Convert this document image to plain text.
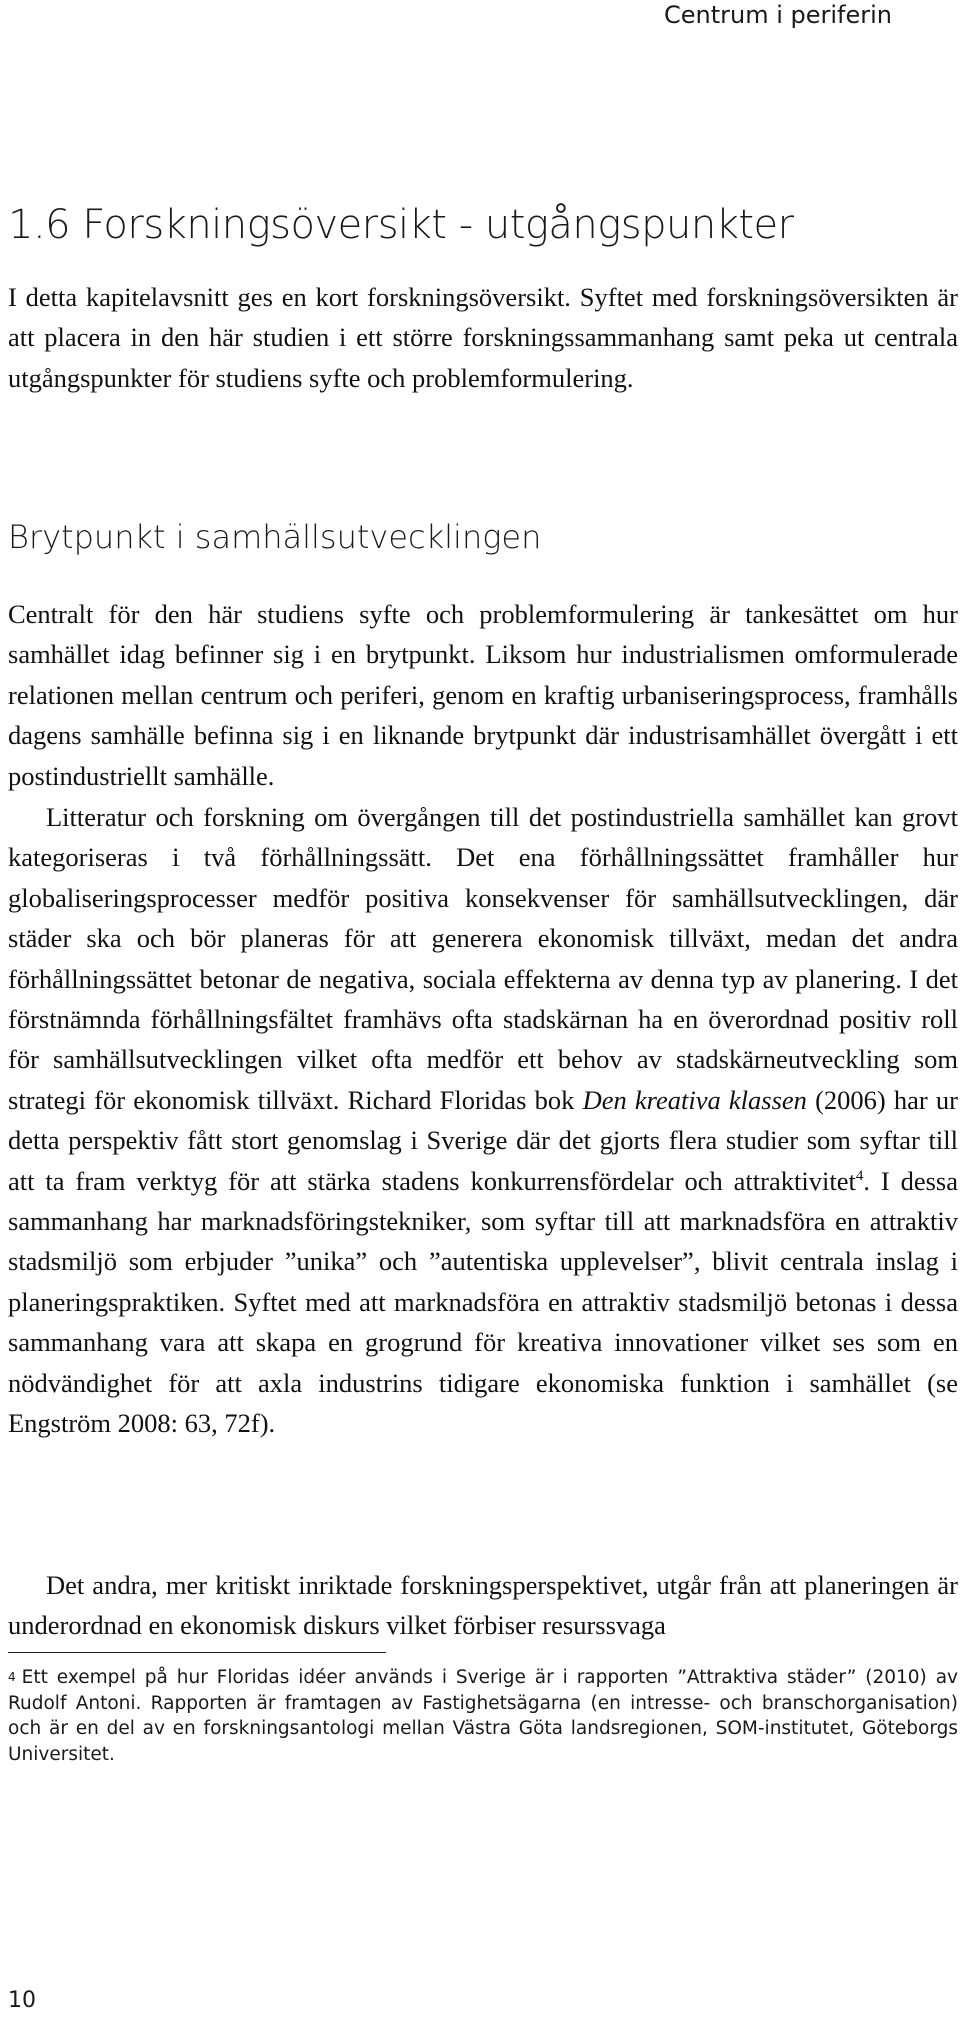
Centrum i periferin
1.6 Forskningsöversikt - utgångspunkter

I detta kapitelavsnitt ges en kort forskningsöversikt. Syftet med forskningsöversikten är att placera in den här studien i ett större forskningssammanhang samt peka ut centrala utgångspunkter för studiens syfte och problemformulering.

Brytpunkt i samhällsutvecklingen

Centralt för den här studiens syfte och problemformulering är tankesättet om hur samhället idag befinner sig i en brytpunkt. Liksom hur industrialismen omformulerade relationen mellan centrum och periferi, genom en kraftig urbaniseringsprocess, framhålls dagens samhälle befinna sig i en liknande brytpunkt där industrisamhället övergått i ett postindustriellt samhälle.

Litteratur och forskning om övergången till det postindustriella samhället kan grovt kategoriseras i två förhållningssätt. Det ena förhållningssättet framhåller hur globaliseringsprocesser medför positiva konsekvenser för samhällsutvecklingen, där städer ska och bör planeras för att generera ekonomisk tillväxt, medan det andra förhållningssättet betonar de negativa, sociala effekterna av denna typ av planering. I det förstnämnda förhållningsfältet framhävs ofta stadskärnan ha en överordnad positiv roll för samhällsutvecklingen vilket ofta medför ett behov av stadskärneutveckling som strategi för ekonomisk tillväxt. Richard Floridas bok Den kreativa klassen (2006) har ur detta perspektiv fått stort genomslag i Sverige där det gjorts flera studier som syftar till att ta fram verktyg för att stärka stadens konkurrensfördelar och attraktivitet$^4$. I dessa sammanhang har marknadsföringstekniker, som syftar till att marknadsföra en attraktiv stadsmiljö som erbjuder ”unika” och ”autentiska upplevelser”, blivit centrala inslag i planeringspraktiken. Syftet med att marknadsföra en attraktiv stadsmiljö betonas i dessa sammanhang vara att skapa en grogrund för kreativa innovationer vilket ses som en nödvändighet för att axla industrins tidigare ekonomiska funktion i samhället (se Engström 2008: 63, 72f).

Det andra, mer kritiskt inriktade forskningsperspektivet, utgår från att planeringen är underordnad en ekonomisk diskurs vilket förbiser resurssvaga

4 Ett exempel på hur Floridas idéer används i Sverige är i rapporten ”Attraktiva städer” (2010) av Rudolf Antoni. Rapporten är framtagen av Fastighetsägarna (en intresse- och branschorganisation) och är en del av en forskningsantologi mellan Västra Göta landsregionen, SOM-institutet, Göteborgs Universitet.

10
